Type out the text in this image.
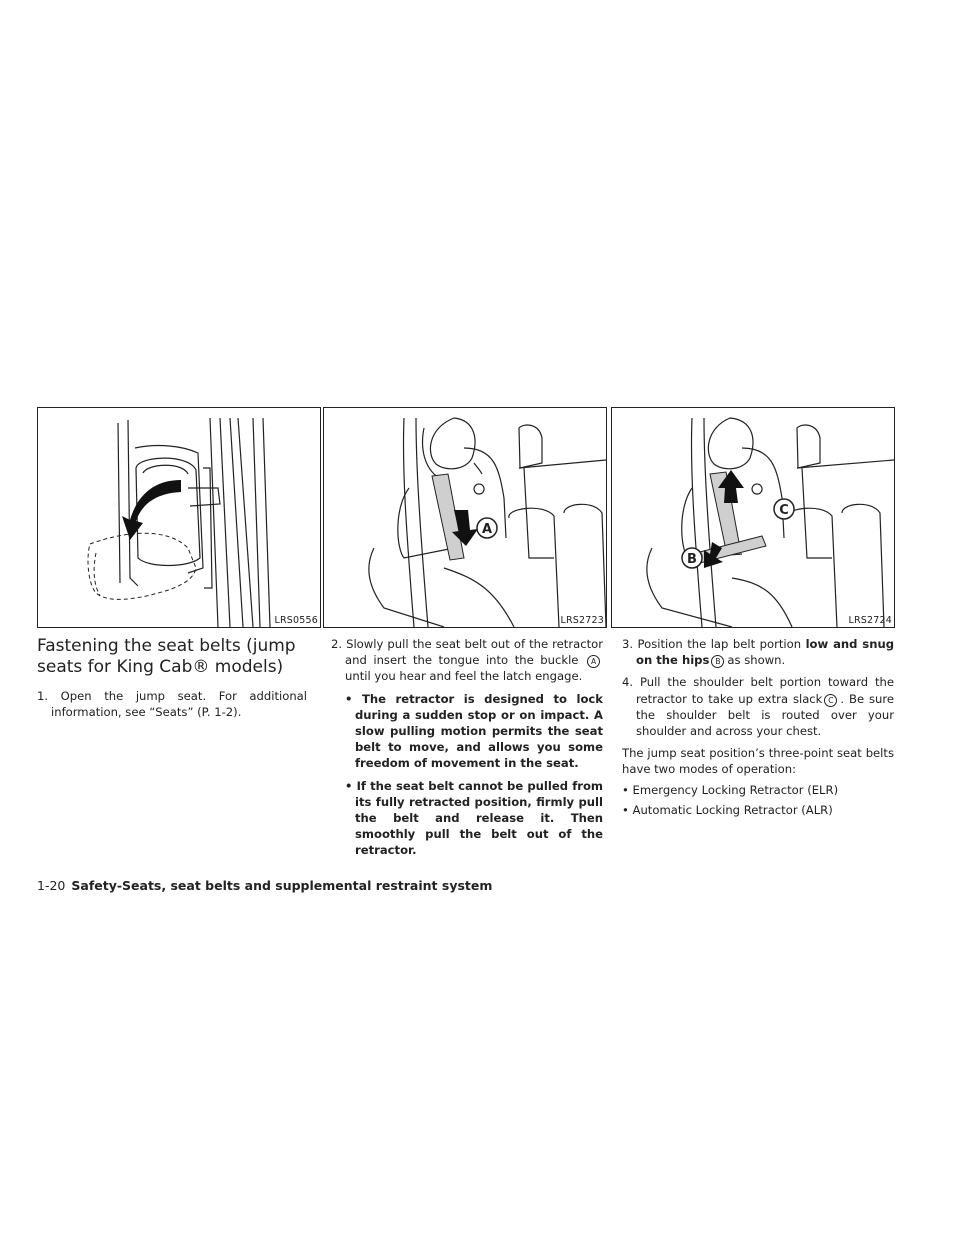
LRS0556
A
LRS2723
C
B
LRS2724
Fastening the seat belts (jump seats for King Cab® models)

1. Open the jump seat. For additional information, see “Seats” (P. 1-2).

2. Slowly pull the seat belt out of the retractor and insert the tongue into the buckle A until you hear and feel the latch engage.

• The retractor is designed to lock during a sudden stop or on impact. A slow pulling motion permits the seat belt to move, and allows you some freedom of movement in the seat.

• If the seat belt cannot be pulled from its fully retracted position, firmly pull the belt and release it. Then smoothly pull the belt out of the retractor.

3. Position the lap belt portion low and snug on the hips B as shown.

4. Pull the shoulder belt portion toward the retractor to take up extra slack C . Be sure the shoulder belt is routed over your shoulder and across your chest.

The jump seat position’s three-point seat belts have two modes of operation:

• Emergency Locking Retractor (ELR)

• Automatic Locking Retractor (ALR)

1-20 Safety-Seats, seat belts and supplemental restraint system
